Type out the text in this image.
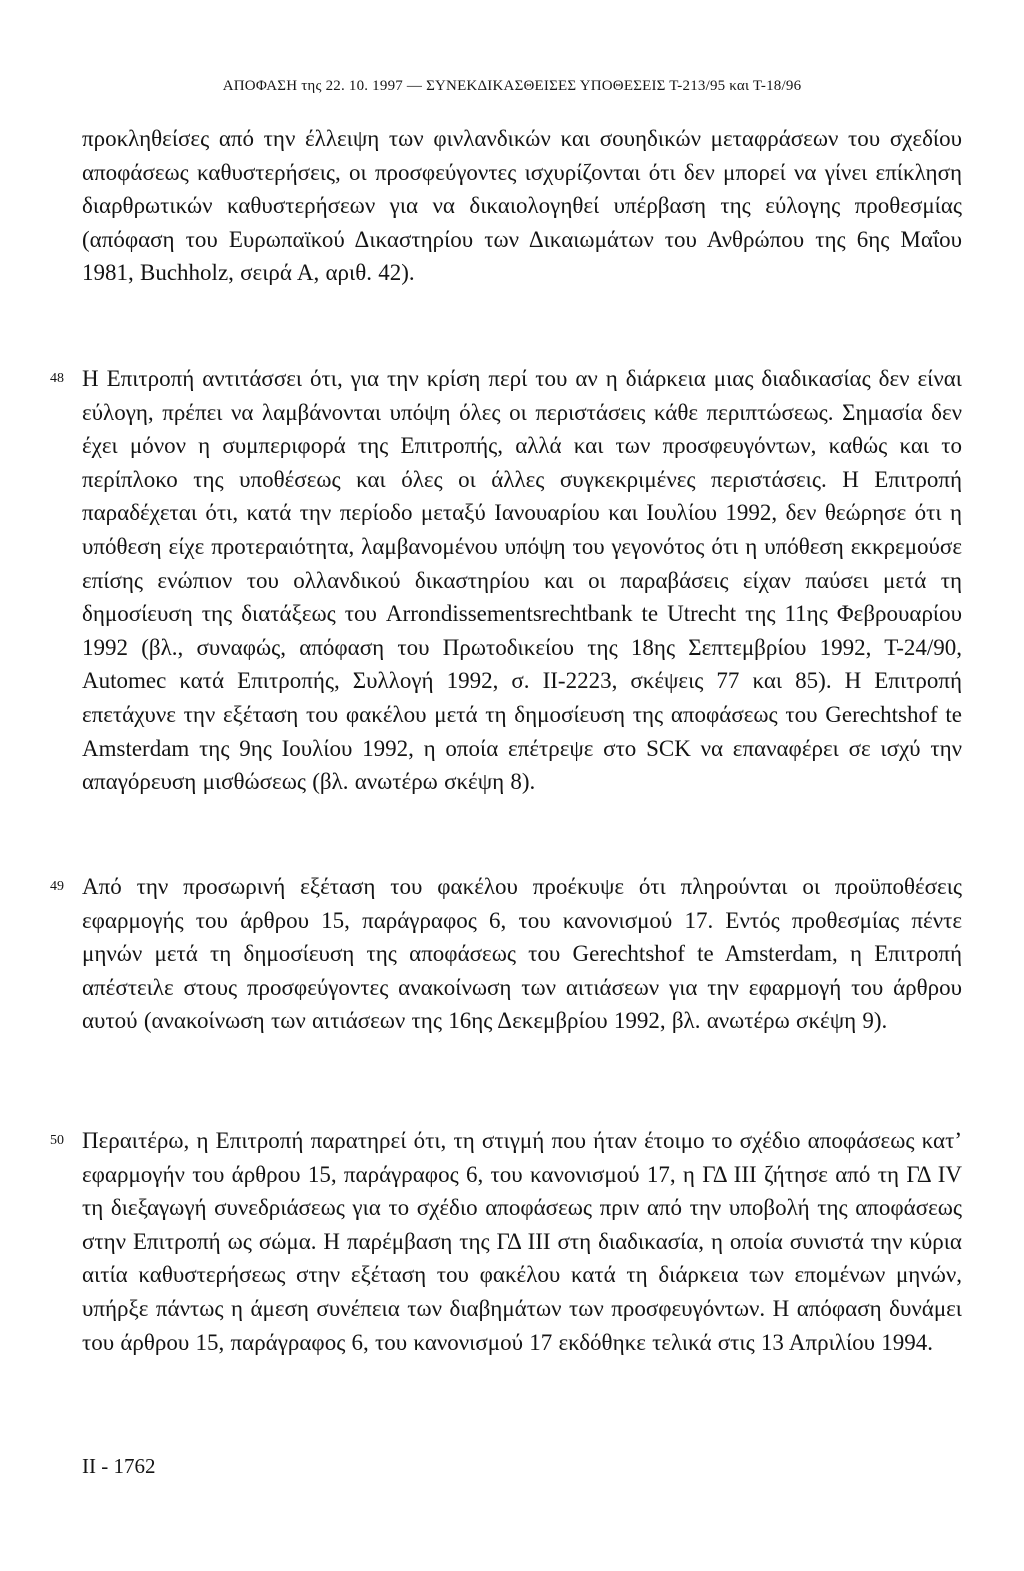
ΑΠΟΦΑΣΗ της 22. 10. 1997 — ΣΥΝΕΚΔΙΚΑΣΘΕΙΣΕΣ ΥΠΟΘΕΣΕΙΣ Τ-213/95 και Τ-18/96
προκληθείσες από την έλλειψη των φινλανδικών και σουηδικών μεταφράσεων του σχεδίου αποφάσεως καθυστερήσεις, οι προσφεύγοντες ισχυρίζονται ότι δεν μπορεί να γίνει επίκληση διαρθρωτικών καθυστερήσεων για να δικαιολογηθεί υπέρβαση της εύλογης προθεσμίας (απόφαση του Ευρωπαϊκού Δικαστηρίου των Δικαιωμάτων του Ανθρώπου της 6ης Μαΐου 1981, Buchholz, σειρά Α, αριθ. 42).
48 Η Επιτροπή αντιτάσσει ότι, για την κρίση περί του αν η διάρκεια μιας διαδικασίας δεν είναι εύλογη, πρέπει να λαμβάνονται υπόψη όλες οι περιστάσεις κάθε περιπτώσεως. Σημασία δεν έχει μόνον η συμπεριφορά της Επιτροπής, αλλά και των προσφευγόντων, καθώς και το περίπλοκο της υποθέσεως και όλες οι άλλες συγκεκριμένες περιστάσεις. Η Επιτροπή παραδέχεται ότι, κατά την περίοδο μεταξύ Ιανουαρίου και Ιουλίου 1992, δεν θεώρησε ότι η υπόθεση είχε προτεραιότητα, λαμβανομένου υπόψη του γεγονότος ότι η υπόθεση εκκρεμούσε επίσης ενώπιον του ολλανδικού δικαστηρίου και οι παραβάσεις είχαν παύσει μετά τη δημοσίευση της διατάξεως του Arrondissementsrechtbank te Utrecht της 11ης Φεβρουαρίου 1992 (βλ., συναφώς, απόφαση του Πρωτοδικείου της 18ης Σεπτεμβρίου 1992, Τ-24/90, Automec κατά Επιτροπής, Συλλογή 1992, σ. ΙΙ-2223, σκέψεις 77 και 85). Η Επιτροπή επετάχυνε την εξέταση του φακέλου μετά τη δημοσίευση της αποφάσεως του Gerechtshof te Amsterdam της 9ης Ιουλίου 1992, η οποία επέτρεψε στο SCK να επαναφέρει σε ισχύ την απαγόρευση μισθώσεως (βλ. ανωτέρω σκέψη 8).
49 Από την προσωρινή εξέταση του φακέλου προέκυψε ότι πληρούνται οι προϋποθέσεις εφαρμογής του άρθρου 15, παράγραφος 6, του κανονισμού 17. Εντός προθεσμίας πέντε μηνών μετά τη δημοσίευση της αποφάσεως του Gerechtshof te Amsterdam, η Επιτροπή απέστειλε στους προσφεύγοντες ανακοίνωση των αιτιάσεων για την εφαρμογή του άρθρου αυτού (ανακοίνωση των αιτιάσεων της 16ης Δεκεμβρίου 1992, βλ. ανωτέρω σκέψη 9).
50 Περαιτέρω, η Επιτροπή παρατηρεί ότι, τη στιγμή που ήταν έτοιμο το σχέδιο αποφάσεως κατ’ εφαρμογήν του άρθρου 15, παράγραφος 6, του κανονισμού 17, η ΓΔ III ζήτησε από τη ΓΔ IV τη διεξαγωγή συνεδριάσεως για το σχέδιο αποφάσεως πριν από την υποβολή της αποφάσεως στην Επιτροπή ως σώμα. Η παρέμβαση της ΓΔ III στη διαδικασία, η οποία συνιστά την κύρια αιτία καθυστερήσεως στην εξέταση του φακέλου κατά τη διάρκεια των επομένων μηνών, υπήρξε πάντως η άμεση συνέπεια των διαβημάτων των προσφευγόντων. Η απόφαση δυνάμει του άρθρου 15, παράγραφος 6, του κανονισμού 17 εκδόθηκε τελικά στις 13 Απριλίου 1994.
II - 1762
